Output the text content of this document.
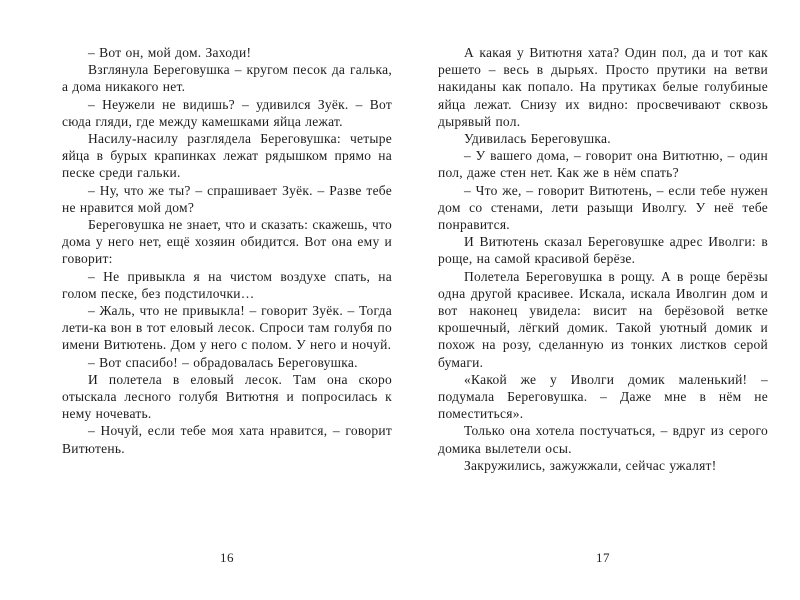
– Вот он, мой дом. Заходи!

Взглянула Береговушка – кругом песок да галька, а дома никакого нет.

– Неужели не видишь? – удивился Зуёк. – Вот сюда гляди, где между камешками яйца лежат.

Насилу-насилу разглядела Береговушка: четыре яйца в бурых крапинках лежат рядышком прямо на песке среди гальки.

– Ну, что же ты? – спрашивает Зуёк. – Разве тебе не нравится мой дом?

Береговушка не знает, что и сказать: скажешь, что дома у него нет, ещё хозяин обидится. Вот она ему и говорит:

– Не привыкла я на чистом воздухе спать, на голом песке, без подстилочки…

– Жаль, что не привыкла! – говорит Зуёк. – Тогда лети-ка вон в тот еловый лесок. Спроси там голубя по имени Витютень. Дом у него с полом. У него и ночуй.

– Вот спасибо! – обрадовалась Береговушка.

И полетела в еловый лесок. Там она скоро отыскала лесного голубя Витютня и попросилась к нему ночевать.

– Ночуй, если тебе моя хата нравится, – говорит Витютень.

16

А какая у Витютня хата? Один пол, да и тот как решето – весь в дырьях. Просто прутики на ветви накиданы как попало. На прутиках белые голубиные яйца лежат. Снизу их видно: просвечивают сквозь дырявый пол.

Удивилась Береговушка.

– У вашего дома, – говорит она Витютню, – один пол, даже стен нет. Как же в нём спать?

– Что же, – говорит Витютень, – если тебе нужен дом со стенами, лети разыщи Иволгу. У неё тебе понравится.

И Витютень сказал Береговушке адрес Иволги: в роще, на самой красивой берёзе.

Полетела Береговушка в рощу. А в роще берёзы одна другой красивее. Искала, искала Иволгин дом и вот наконец увидела: висит на берёзовой ветке крошечный, лёгкий домик. Такой уютный домик и похож на розу, сделанную из тонких листков серой бумаги.

«Какой же у Иволги домик маленький! – подумала Береговушка. – Даже мне в нём не поместиться».

Только она хотела постучаться, – вдруг из серого домика вылетели осы.

Закружились, зажужжали, сейчас ужалят!

17
